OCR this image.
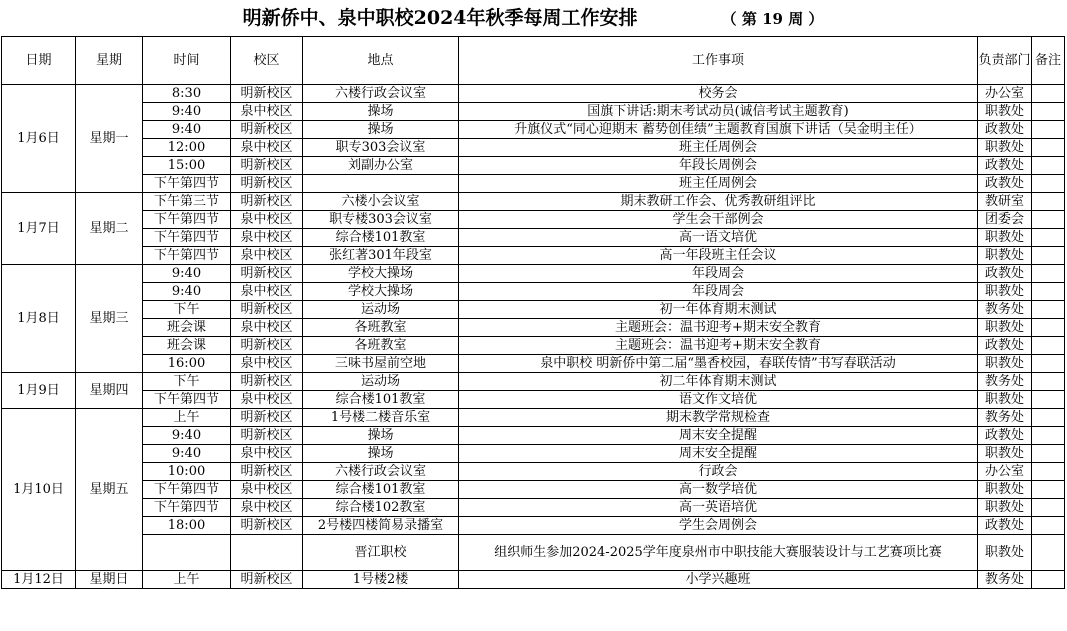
明新侨中、泉中职校2024年秋季每周工作安排 （ 第 19 周 ）							
日期	星期	时间	校区	地点	工作事项	负责部门	备注
1月6日	星期一	8:30	明新校区	六楼行政会议室	校务会	办公室	
		9:40	泉中校区	操场	国旗下讲话:期末考试动员(诚信考试主题教育)	职教处	
		9:40	明新校区	操场	升旗仪式“同心迎期末 蓄势创佳绩”主题教育国旗下讲话（吴金明主任）	政教处	
		12:00	泉中校区	职专303会议室	班主任周例会	职教处	
		15:00	明新校区	刘副办公室	年段长周例会	政教处	
		下午第四节	明新校区		班主任周例会	政教处	
1月7日	星期二	下午第三节	明新校区	六楼小会议室	期末教研工作会、优秀教研组评比	教研室	
		下午第四节	泉中校区	职专楼303会议室	学生会干部例会	团委会	
		下午第四节	泉中校区	综合楼101教室	高一语文培优	职教处	
		下午第四节	泉中校区	张红著301年段室	高一年段班主任会议	职教处	
1月8日	星期三	9:40	明新校区	学校大操场	年段周会	政教处	
		9:40	泉中校区	学校大操场	年段周会	职教处	
		下午	明新校区	运动场	初一年体育期末测试	教务处	
		班会课	泉中校区	各班教室	主题班会：温书迎考+期末安全教育	职教处	
		班会课	明新校区	各班教室	主题班会：温书迎考+期末安全教育	政教处	
		16:00	泉中校区	三味书屋前空地	泉中职校 明新侨中第二届“墨香校园，春联传情”书写春联活动	职教处	
1月9日	星期四	下午	明新校区	运动场	初二年体育期末测试	教务处	
		下午第四节	泉中校区	综合楼101教室	语文作文培优	职教处	
1月10日	星期五	上午	明新校区	1号楼二楼音乐室	期末教学常规检查	教务处	
		9:40	明新校区	操场	周末安全提醒	政教处	
		9:40	泉中校区	操场	周末安全提醒	职教处	
		10:00	明新校区	六楼行政会议室	行政会	办公室	
		下午第四节	泉中校区	综合楼101教室	高一数学培优	职教处	
		下午第四节	泉中校区	综合楼102教室	高一英语培优	职教处	
		18:00	明新校区	2号楼四楼简易录播室	学生会周例会	政教处	
				晋江职校	组织师生参加2024-2025学年度泉州市中职技能大赛服装设计与工艺赛项比赛	职教处	
1月12日	星期日	上午	明新校区	1号楼2楼	小学兴趣班	教务处	
